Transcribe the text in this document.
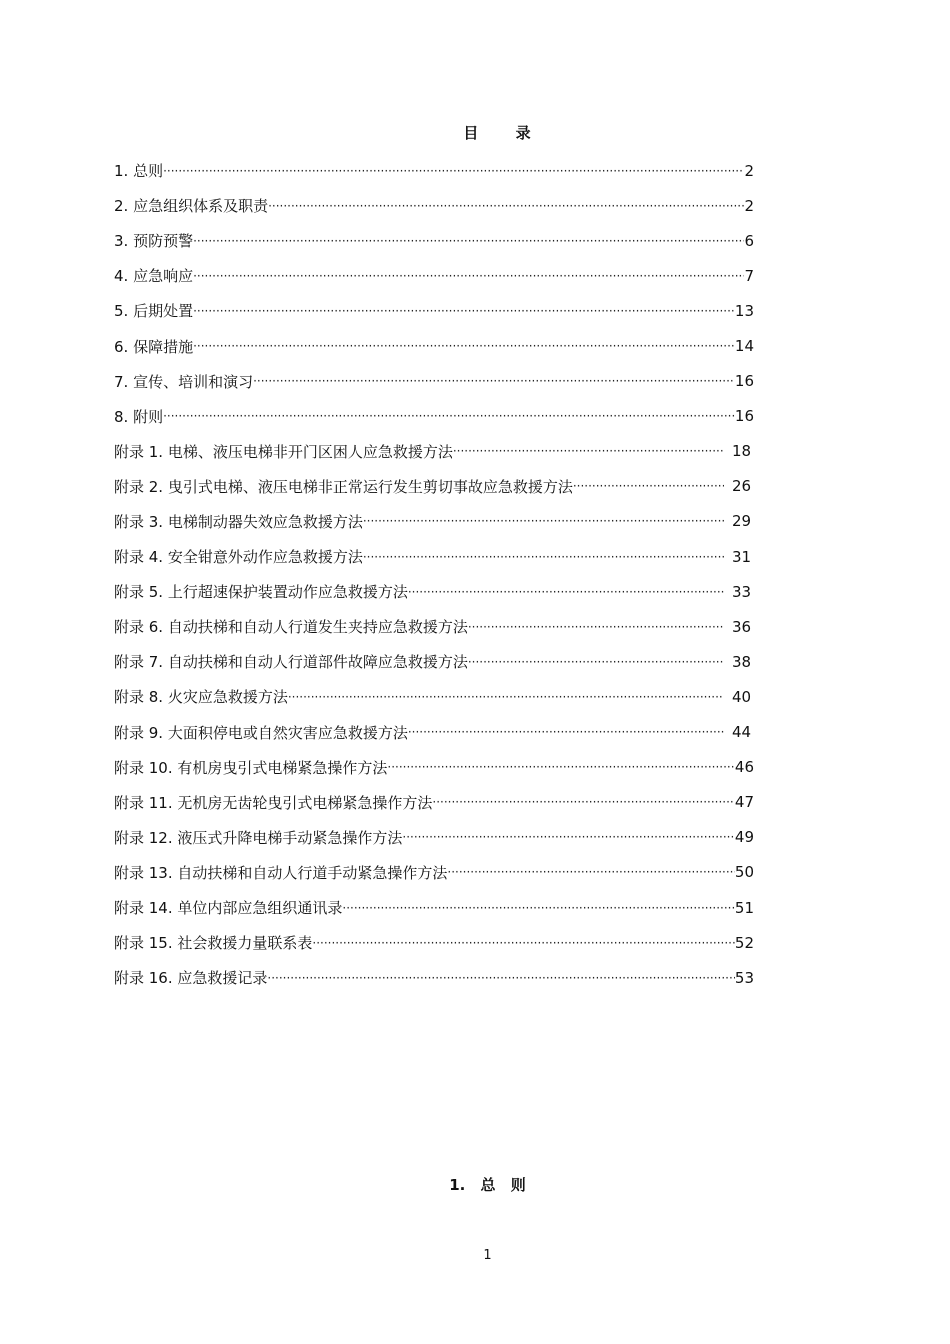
目 录
1. 总则 ·····	2
2. 应急组织体系及职责 ·····	2
3. 预防预警 ·····	6
4. 应急响应 ·····	7
5. 后期处置 ·····	13
6. 保障措施 ·····	14
7. 宣传、培训和演习 ·····	16
8. 附则 ·····	16
附录 1. 电梯、液压电梯非开门区困人应急救援方法 ·····	18
附录 2. 曳引式电梯、液压电梯非正常运行发生剪切事故应急救援方法 ·····	26
附录 3. 电梯制动器失效应急救援方法 ·····	29
附录 4. 安全钳意外动作应急救援方法 ·····	31
附录 5. 上行超速保护装置动作应急救援方法 ·····	33
附录 6. 自动扶梯和自动人行道发生夹持应急救援方法 ·····	36
附录 7. 自动扶梯和自动人行道部件故障应急救援方法 ·····	38
附录 8. 火灾应急救援方法 ·····	40
附录 9. 大面积停电或自然灾害应急救援方法 ·····	44
附录 10. 有机房曳引式电梯紧急操作方法 ·····	46
附录 11. 无机房无齿轮曳引式电梯紧急操作方法 ·····	47
附录 12. 液压式升降电梯手动紧急操作方法 ·····	49
附录 13. 自动扶梯和自动人行道手动紧急操作方法 ·····	50
附录 14. 单位内部应急组织通讯录 ·····	51
附录 15. 社会救援力量联系表 ·····	52
附录 16. 应急救援记录 ·····	53
1. 总 则
1
